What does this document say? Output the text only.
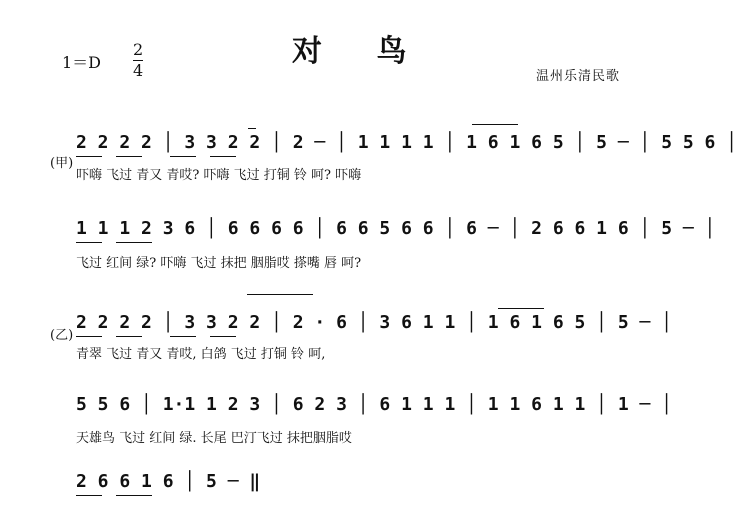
对 鸟
1＝D
2
4	温州乐清民歌
(甲)
2 2 2 2 │ 3 3 2 2 │ 2 ─ │ 1 1 1 1 │ 1 6 1 6 5 │ 5 ─ │ 5 5 6 │
吓嗨 飞过 青又 青哎? 吓嗨 飞过 打铜 铃 呵? 吓嗨
1 1 1 2 3 6 │ 6 6 6 6 │ 6 6 5 6 6 │ 6 ─ │ 2 6 6 1 6 │ 5 ─ │
飞过 红间 绿? 吓嗨 飞过 抹把 胭脂哎 搽嘴 唇 呵?
(乙)
2 2 2 2 │ 3 3 2 2 │ 2 · 6 │ 3 6 1 1 │ 1 6 1 6 5 │ 5 ─ │
青翠 飞过 青又 青哎, 白鸽 飞过 打铜 铃 呵,
5 5 6 │ 1·1 1 2 3 │ 6 2 3 │ 6 1 1 1 │ 1 1 6 1 1 │ 1 ─ │
天雄鸟 飞过 红间 绿. 长尾 巴汀飞过 抹把胭脂哎
2 6 6 1 6 │ 5 ─ ‖
